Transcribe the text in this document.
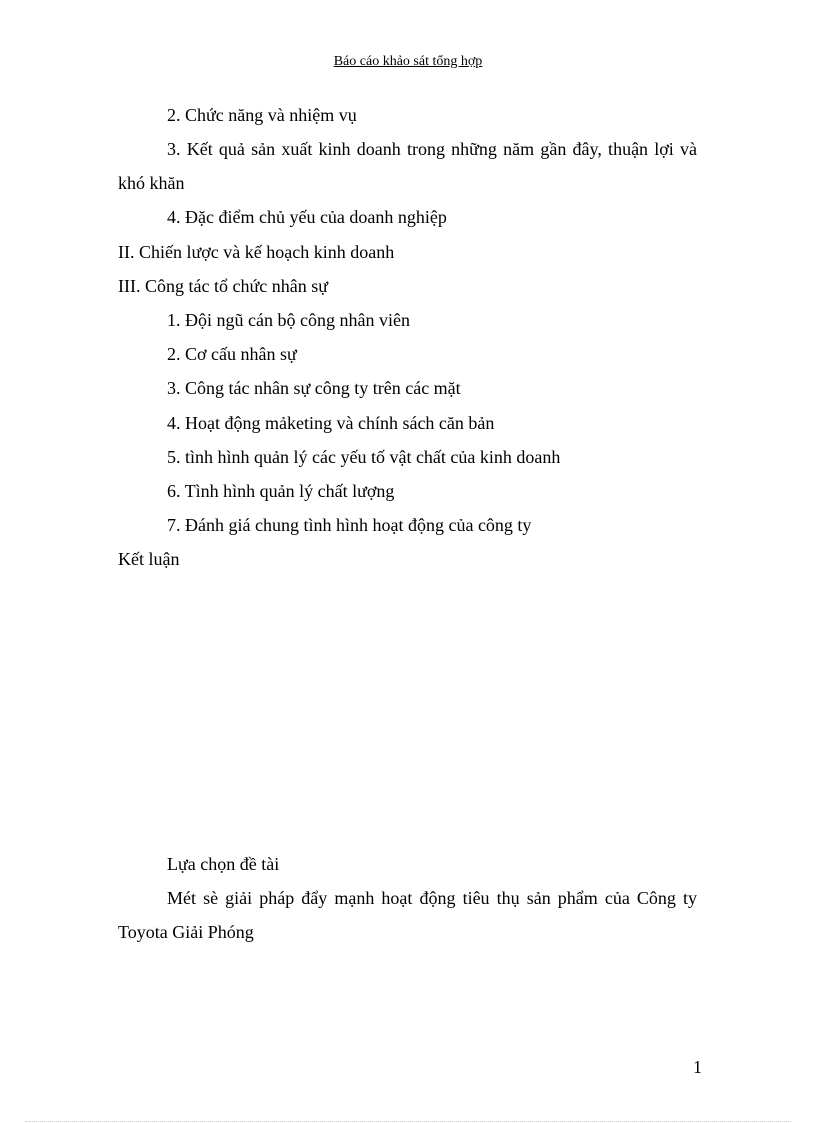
Báo cáo khảo sát tổng hợp
2. Chức năng và nhiệm vụ
3. Kết quả sản xuất kinh doanh trong những năm gần đây, thuận lợi và
khó khăn
4. Đặc điểm chủ yếu của doanh nghiệp
II. Chiến lược và kế hoạch kinh doanh
III. Công tác tổ chức nhân sự
1. Đội ngũ cán bộ công nhân viên
2. Cơ cấu nhân sự
3. Công tác nhân sự công ty trên các mặt
4. Hoạt động mảketing và chính sách căn bản
5. tình hình quản lý các yếu tố vật chất của kinh doanh
6. Tình hình quản lý chất lượng
7. Đánh giá chung tình hình hoạt động của công ty
Kết luận
Lựa chọn đề tài
Mét sè giải pháp đẩy mạnh hoạt động tiêu thụ sản phẩm của Công ty
Toyota Giải Phóng
1
